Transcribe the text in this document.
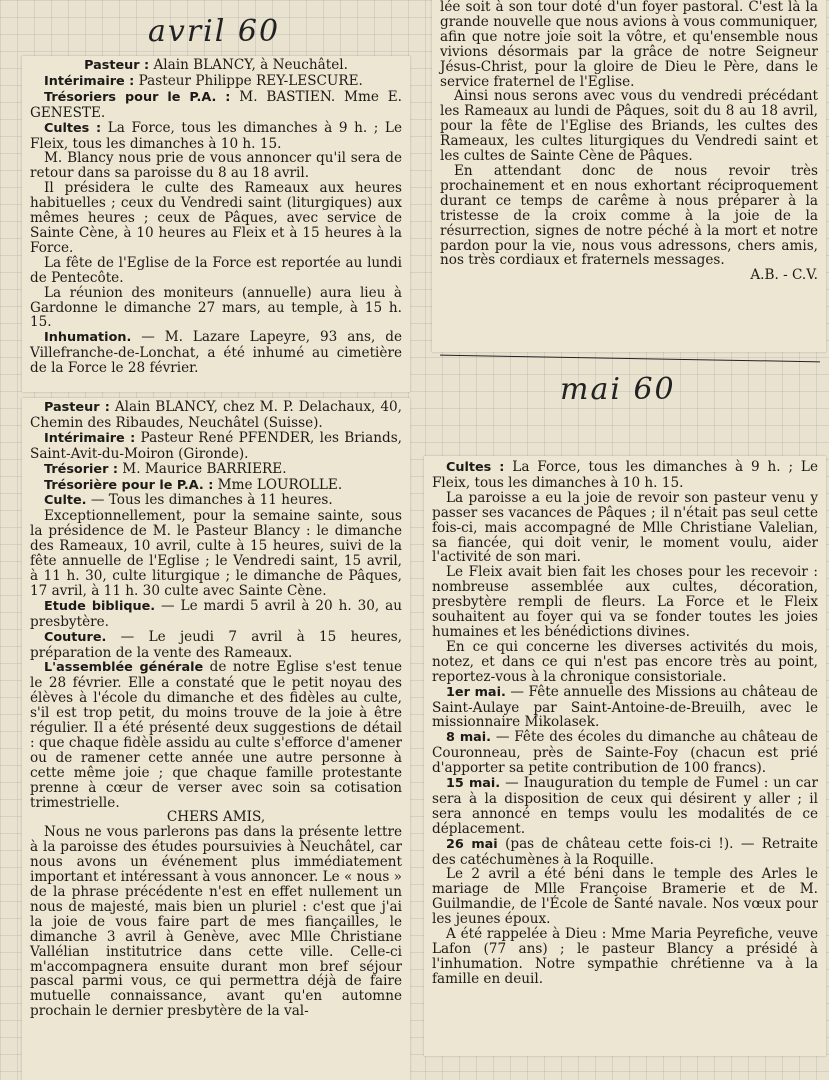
avril 60

Pasteur : Alain BLANCY, à Neuchâtel.

Intérimaire : Pasteur Philippe REY-LESCURE.

Trésoriers pour le P.A. : M. BASTIEN. Mme E. GENESTE.

Cultes : La Force, tous les dimanches à 9 h. ; Le Fleix, tous les dimanches à 10 h. 15.

M. Blancy nous prie de vous annoncer qu'il sera de retour dans sa paroisse du 8 au 18 avril.

Il présidera le culte des Rameaux aux heures habituelles ; ceux du Vendredi saint (liturgiques) aux mêmes heures ; ceux de Pâques, avec service de Sainte Cène, à 10 heures au Fleix et à 15 heures à la Force.

La fête de l'Eglise de la Force est reportée au lundi de Pentecôte.

La réunion des moniteurs (annuelle) aura lieu à Gardonne le dimanche 27 mars, au temple, à 15 h. 15.

Inhumation. — M. Lazare Lapeyre, 93 ans, de Villefranche-de-Lonchat, a été inhumé au cimetière de la Force le 28 février.

Pasteur : Alain BLANCY, chez M. P. Delachaux, 40, Chemin des Ribaudes, Neuchâtel (Suisse).

Intérimaire : Pasteur René PFENDER, les Briands, Saint-Avit-du-Moiron (Gironde).

Trésorier : M. Maurice BARRIERE.

Trésorière pour le P.A. : Mme LOUROLLE.

Culte. — Tous les dimanches à 11 heures.

Exceptionnellement, pour la semaine sainte, sous la présidence de M. le Pasteur Blancy : le dimanche des Rameaux, 10 avril, culte à 15 heures, suivi de la fête annuelle de l'Eglise ; le Vendredi saint, 15 avril, à 11 h. 30, culte liturgique ; le dimanche de Pâques, 17 avril, à 11 h. 30 culte avec Sainte Cène.

Etude biblique. — Le mardi 5 avril à 20 h. 30, au presbytère.

Couture. — Le jeudi 7 avril à 15 heures, préparation de la vente des Rameaux.

L'assemblée générale de notre Eglise s'est tenue le 28 février. Elle a constaté que le petit noyau des élèves à l'école du dimanche et des fidèles au culte, s'il est trop petit, du moins trouve de la joie à être régulier. Il a été présenté deux suggestions de détail : que chaque fidèle assidu au culte s'efforce d'amener ou de ramener cette année une autre personne à cette même joie ; que chaque famille protestante prenne à cœur de verser avec soin sa cotisation trimestrielle.

CHERS AMIS,

Nous ne vous parlerons pas dans la présente lettre à la paroisse des études poursuivies à Neuchâtel, car nous avons un événement plus immédiatement important et intéressant à vous annoncer. Le « nous » de la phrase précédente n'est en effet nullement un nous de majesté, mais bien un pluriel : c'est que j'ai la joie de vous faire part de mes fiançailles, le dimanche 3 avril à Genève, avec Mlle Christiane Vallélian institutrice dans cette ville. Celle-ci m'accompagnera ensuite durant mon bref séjour pascal parmi vous, ce qui permettra déjà de faire mutuelle connaissance, avant qu'en automne prochain le dernier presbytère de la val-

lée soit à son tour doté d'un foyer pastoral. C'est là la grande nouvelle que nous avions à vous communiquer, afin que notre joie soit la vôtre, et qu'ensemble nous vivions désormais par la grâce de notre Seigneur Jésus-Christ, pour la gloire de Dieu le Père, dans le service fraternel de l'Eglise.

Ainsi nous serons avec vous du vendredi précédant les Rameaux au lundi de Pâques, soit du 8 au 18 avril, pour la fête de l'Eglise des Briands, les cultes des Rameaux, les cultes liturgiques du Vendredi saint et les cultes de Sainte Cène de Pâques.

En attendant donc de nous revoir très prochainement et en nous exhortant réciproquement durant ce temps de carême à nous préparer à la tristesse de la croix comme à la joie de la résurrection, signes de notre péché à la mort et notre pardon pour la vie, nous vous adressons, chers amis, nos très cordiaux et fraternels messages.

A.B. - C.V.

mai 60

Cultes : La Force, tous les dimanches à 9 h. ; Le Fleix, tous les dimanches à 10 h. 15.

La paroisse a eu la joie de revoir son pasteur venu y passer ses vacances de Pâques ; il n'était pas seul cette fois-ci, mais accompagné de Mlle Christiane Valelian, sa fiancée, qui doit venir, le moment voulu, aider l'activité de son mari.

Le Fleix avait bien fait les choses pour les recevoir : nombreuse assemblée aux cultes, décoration, presbytère rempli de fleurs. La Force et le Fleix souhaitent au foyer qui va se fonder toutes les joies humaines et les bénédictions divines.

En ce qui concerne les diverses activités du mois, notez, et dans ce qui n'est pas encore très au point, reportez-vous à la chronique consistoriale.

1er mai. — Fête annuelle des Missions au château de Saint-Aulaye par Saint-Antoine-de-Breuilh, avec le missionnaire Mikolasek.

8 mai. — Fête des écoles du dimanche au château de Couronneau, près de Sainte-Foy (chacun est prié d'apporter sa petite contribution de 100 francs).

15 mai. — Inauguration du temple de Fumel : un car sera à la disposition de ceux qui désirent y aller ; il sera annoncé en temps voulu les modalités de ce déplacement.

26 mai (pas de château cette fois-ci !). — Retraite des catéchumènes à la Roquille.

Le 2 avril a été béni dans le temple des Arles le mariage de Mlle Françoise Bramerie et de M. Guilmandie, de l'École de Santé navale. Nos vœux pour les jeunes époux.

A été rappelée à Dieu : Mme Maria Peyrefiche, veuve Lafon (77 ans) ; le pasteur Blancy a présidé à l'inhumation. Notre sympathie chrétienne va à la famille en deuil.
